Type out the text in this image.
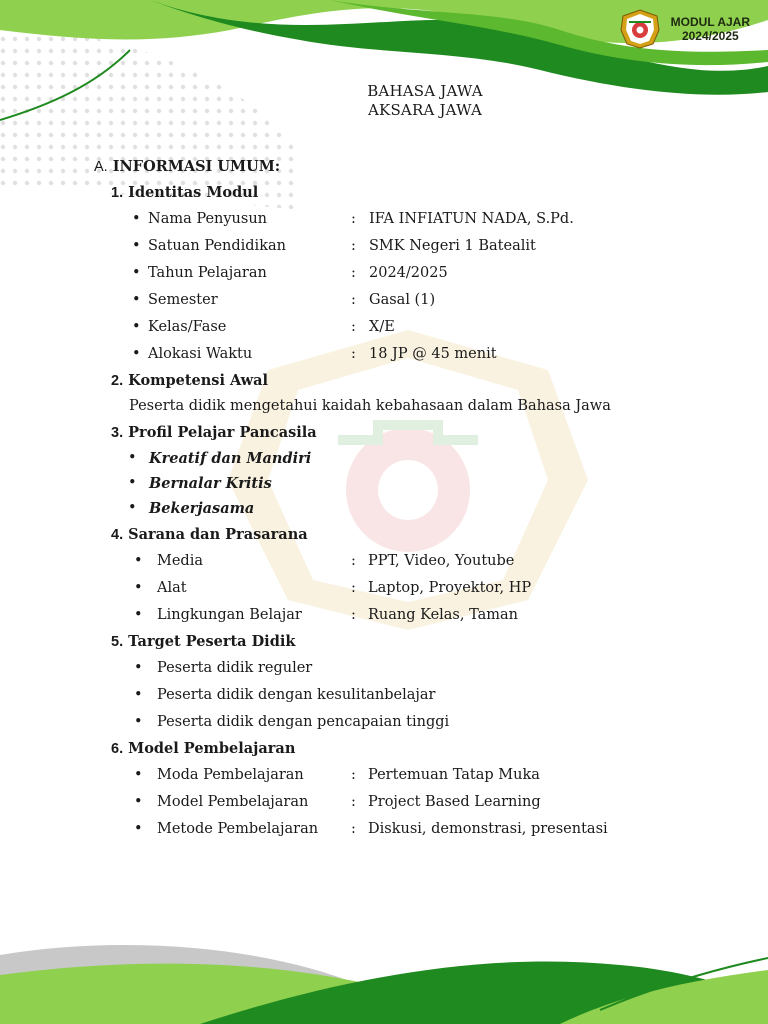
MODUL AJAR
2024/2025
BAHASA JAWA
AKSARA JAWA
A. INFORMASI UMUM:
1. Identitas Modul
• Nama Penyusun	: IFA INFIATUN NADA, S.Pd.
• Satuan Pendidikan	: SMK Negeri 1 Batealit
• Tahun Pelajaran	: 2024/2025
• Semester	: Gasal (1)
• Kelas/Fase	: X/E
• Alokasi Waktu	: 18 JP @ 45 menit
2. Kompetensi Awal
Peserta didik mengetahui kaidah kebahasaan dalam Bahasa Jawa
3. Profil Pelajar Pancasila
• Kreatif dan Mandiri
• Bernalar Kritis
• Bekerjasama
4. Sarana dan Prasarana
• Media	: PPT, Video, Youtube
• Alat	: Laptop, Proyektor, HP
• Lingkungan Belajar	: Ruang Kelas, Taman
5. Target Peserta Didik
• Peserta didik reguler
• Peserta didik dengan kesulitanbelajar
• Peserta didik dengan pencapaian tinggi
6. Model Pembelajaran
• Moda Pembelajaran	: Pertemuan Tatap Muka
• Model Pembelajaran	: Project Based Learning
• Metode Pembelajaran : Diskusi, demonstrasi, presentasi
